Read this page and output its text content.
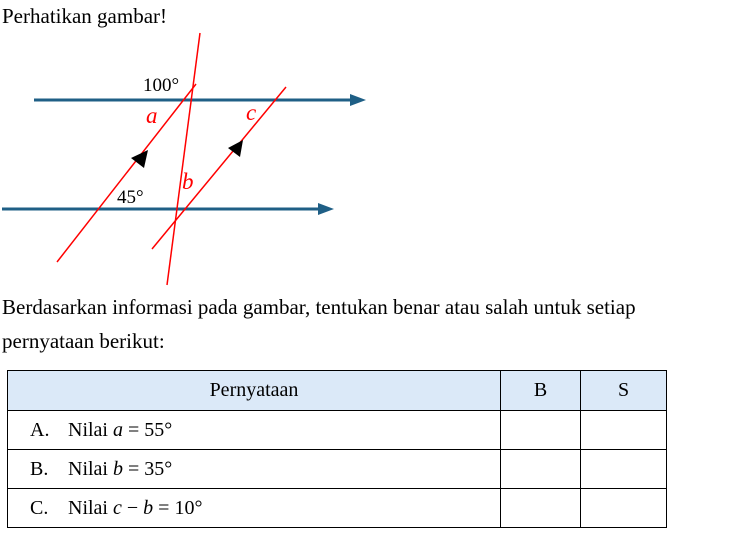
Perhatikan gambar!

100°
45°
a
b
c

Berdasarkan informasi pada gambar, tentukan benar atau salah untuk setiap pernyataan berikut:

Pernyataan	B	S
A. Nilai a = 55°		
B. Nilai b = 35°		
C. Nilai c − b = 10°		
